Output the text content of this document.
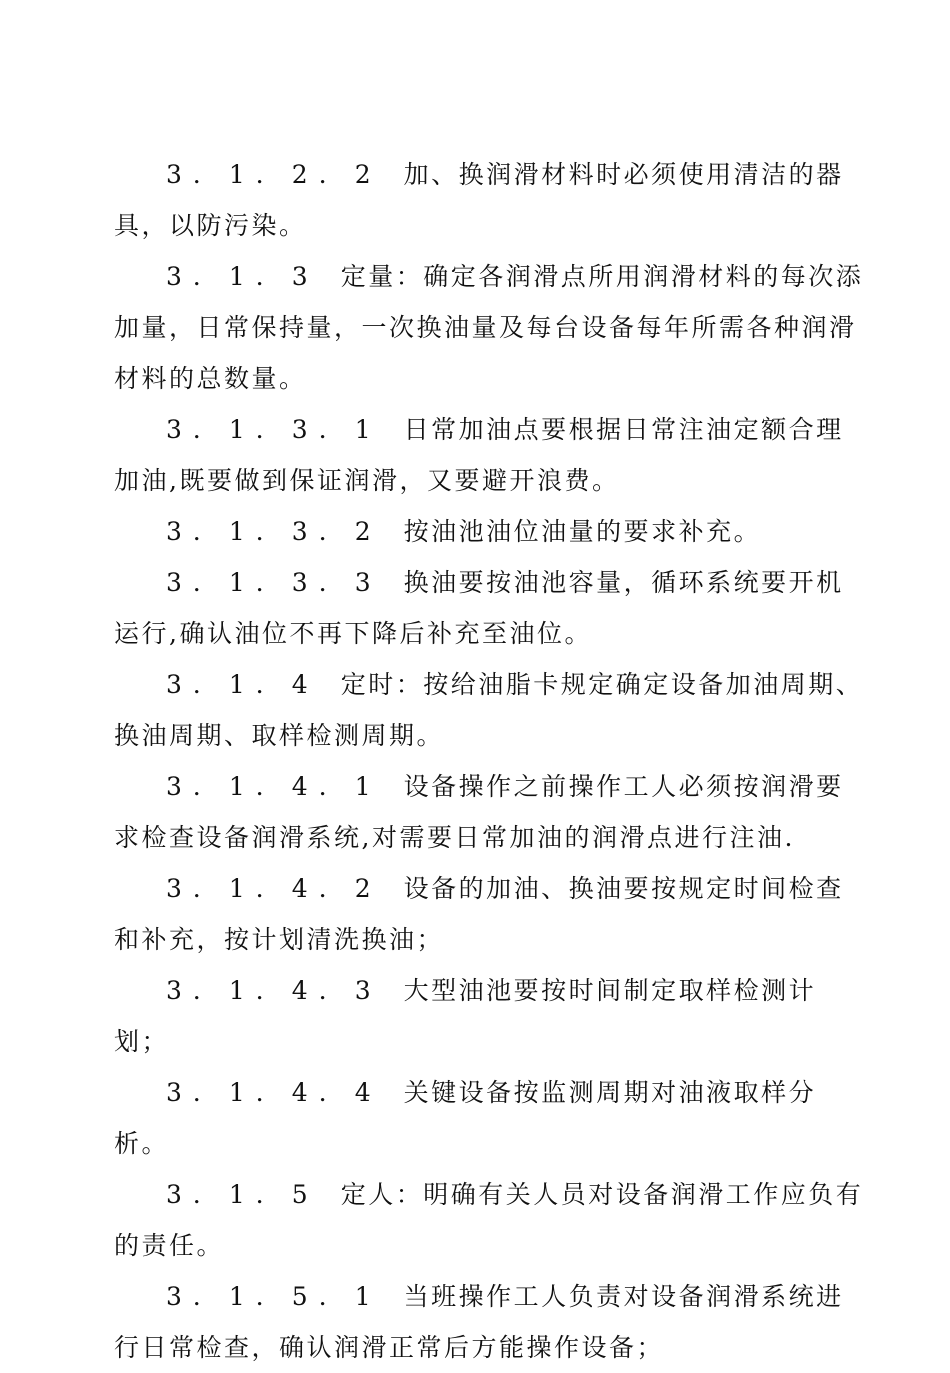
3．1．2．2 加、换润滑材料时必须使用清洁的器具，以防污染。

3．1．3 定量：确定各润滑点所用润滑材料的每次添加量，日常保持量，一次换油量及每台设备每年所需各种润滑材料的总数量。

3．1．3．1 日常加油点要根据日常注油定额合理加油,既要做到保证润滑，又要避开浪费。

3．1．3．2 按油池油位油量的要求补充。

3．1．3．3 换油要按油池容量，循环系统要开机运行,确认油位不再下降后补充至油位。

3．1．4 定时：按给油脂卡规定确定设备加油周期、换油周期、取样检测周期。

3．1．4．1 设备操作之前操作工人必须按润滑要求检查设备润滑系统,对需要日常加油的润滑点进行注油.

3．1．4．2 设备的加油、换油要按规定时间检查和补充，按计划清洗换油；

3．1．4．3 大型油池要按时间制定取样检测计划；

3．1．4．4 关键设备按监测周期对油液取样分析。

3．1．5 定人：明确有关人员对设备润滑工作应负有的责任。

3．1．5．1 当班操作工人负责对设备润滑系统进行日常检查，确认润滑正常后方能操作设备；
